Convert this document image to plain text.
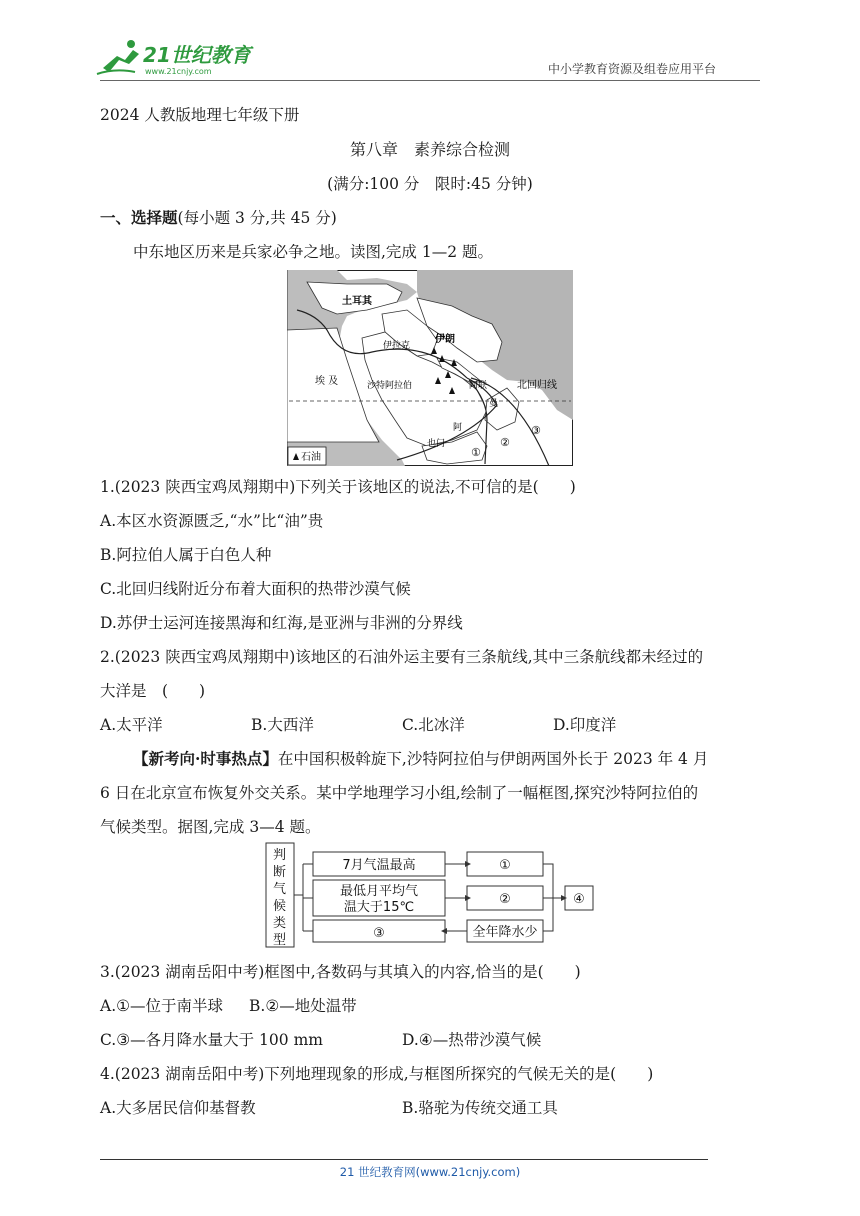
21世纪教育
www.21cnjy.com	中小学教育资源及组卷应用平台
2024 人教版地理七年级下册
第八章　素养综合检测
(满分:100 分　限时:45 分钟)
一、选择题(每小题 3 分,共 45 分)
中东地区历来是兵家必争之地。读图,完成 1—2 题。
土耳其
伊拉克
伊朗
埃 及	沙特阿拉伯	阿联
曼
阿
也门
北回归线
①
②
③
石油
1.(2023 陕西宝鸡凤翔期中)下列关于该地区的说法,不可信的是(　　)
A.本区水资源匮乏,“水”比“油”贵
B.阿拉伯人属于白色人种
C.北回归线附近分布着大面积的热带沙漠气候
D.苏伊士运河连接黑海和红海,是亚洲与非洲的分界线
2.(2023 陕西宝鸡凤翔期中)该地区的石油外运主要有三条航线,其中三条航线都未经过的
大洋是　(　　)
A.太平洋	B.大西洋	C.北冰洋	D.印度洋
【新考向·时事热点】在中国积极斡旋下,沙特阿拉伯与伊朗两国外长于 2023 年 4 月
6 日在北京宣布恢复外交关系。某中学地理学习小组,绘制了一幅框图,探究沙特阿拉伯的
气候类型。据图,完成 3—4 题。
判
断
气
候
类
型
7月气温最高
最低月平均气
温大于15℃
③
①
②
全年降水少
④
3.(2023 湖南岳阳中考)框图中,各数码与其填入的内容,恰当的是(　　)
A.①—位于南半球 B.②—地处温带
C.③—各月降水量大于 100 mm	D.④—热带沙漠气候
4.(2023 湖南岳阳中考)下列地理现象的形成,与框图所探究的气候无关的是(　　)
A.大多居民信仰基督教	B.骆驼为传统交通工具
21 世纪教育网(www.21cnjy.com)
